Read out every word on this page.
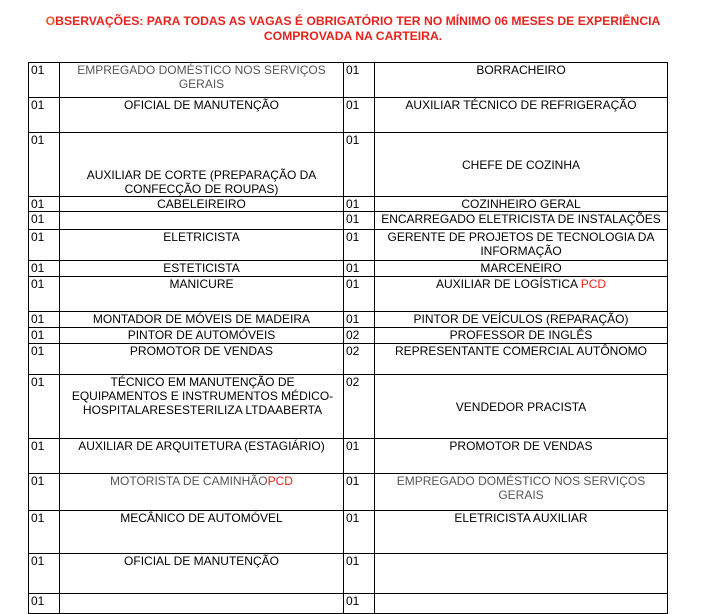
OBSERVAÇÕES: PARA TODAS AS VAGAS É OBRIGATÓRIO TER NO MÍNIMO 06 MESES DE EXPERIÊNCIA
COMPROVADA NA CARTEIRA.
01	EMPREGADO DOMÉSTICO NOS SERVIÇOS GERAIS	01	BORRACHEIRO
01	OFICIAL DE MANUTENÇÃO	01	AUXILIAR TÉCNICO DE REFRIGERAÇÃO
01	AUXILIAR DE CORTE (PREPARAÇÃO DA CONFECÇÃO DE ROUPAS)	01	CHEFE DE COZINHA
01	CABELEIREIRO	01	COZINHEIRO GERAL
01		01	ENCARREGADO ELETRICISTA DE INSTALAÇÕES
01	ELETRICISTA	01	GERENTE DE PROJETOS DE TECNOLOGIA DA INFORMAÇÃO
01	ESTETICISTA	01	MARCENEIRO
01	MANICURE	01	AUXILIAR DE LOGÍSTICA PCD
01	MONTADOR DE MÓVEIS DE MADEIRA	01	PINTOR DE VEÍCULOS (REPARAÇÃO)
01	PINTOR DE AUTOMÓVEIS	02	PROFESSOR DE INGLÊS
01	PROMOTOR DE VENDAS	02	REPRESENTANTE COMERCIAL AUTÔNOMO
01	TÉCNICO EM MANUTENÇÃO DE EQUIPAMENTOS E INSTRUMENTOS MÉDICO-HOSPITALARESESTERILIZA LTDAABERTA	02	VENDEDOR PRACISTA
01	AUXILIAR DE ARQUITETURA (ESTAGIÁRIO)	01	PROMOTOR DE VENDAS
01	MOTORISTA DE CAMINHÃOPCD	01	EMPREGADO DOMÉSTICO NOS SERVIÇOS GERAIS
01	MECÂNICO DE AUTOMÓVEL	01	ELETRICISTA AUXILIAR
01	OFICIAL DE MANUTENÇÃO	01	
01		01	
